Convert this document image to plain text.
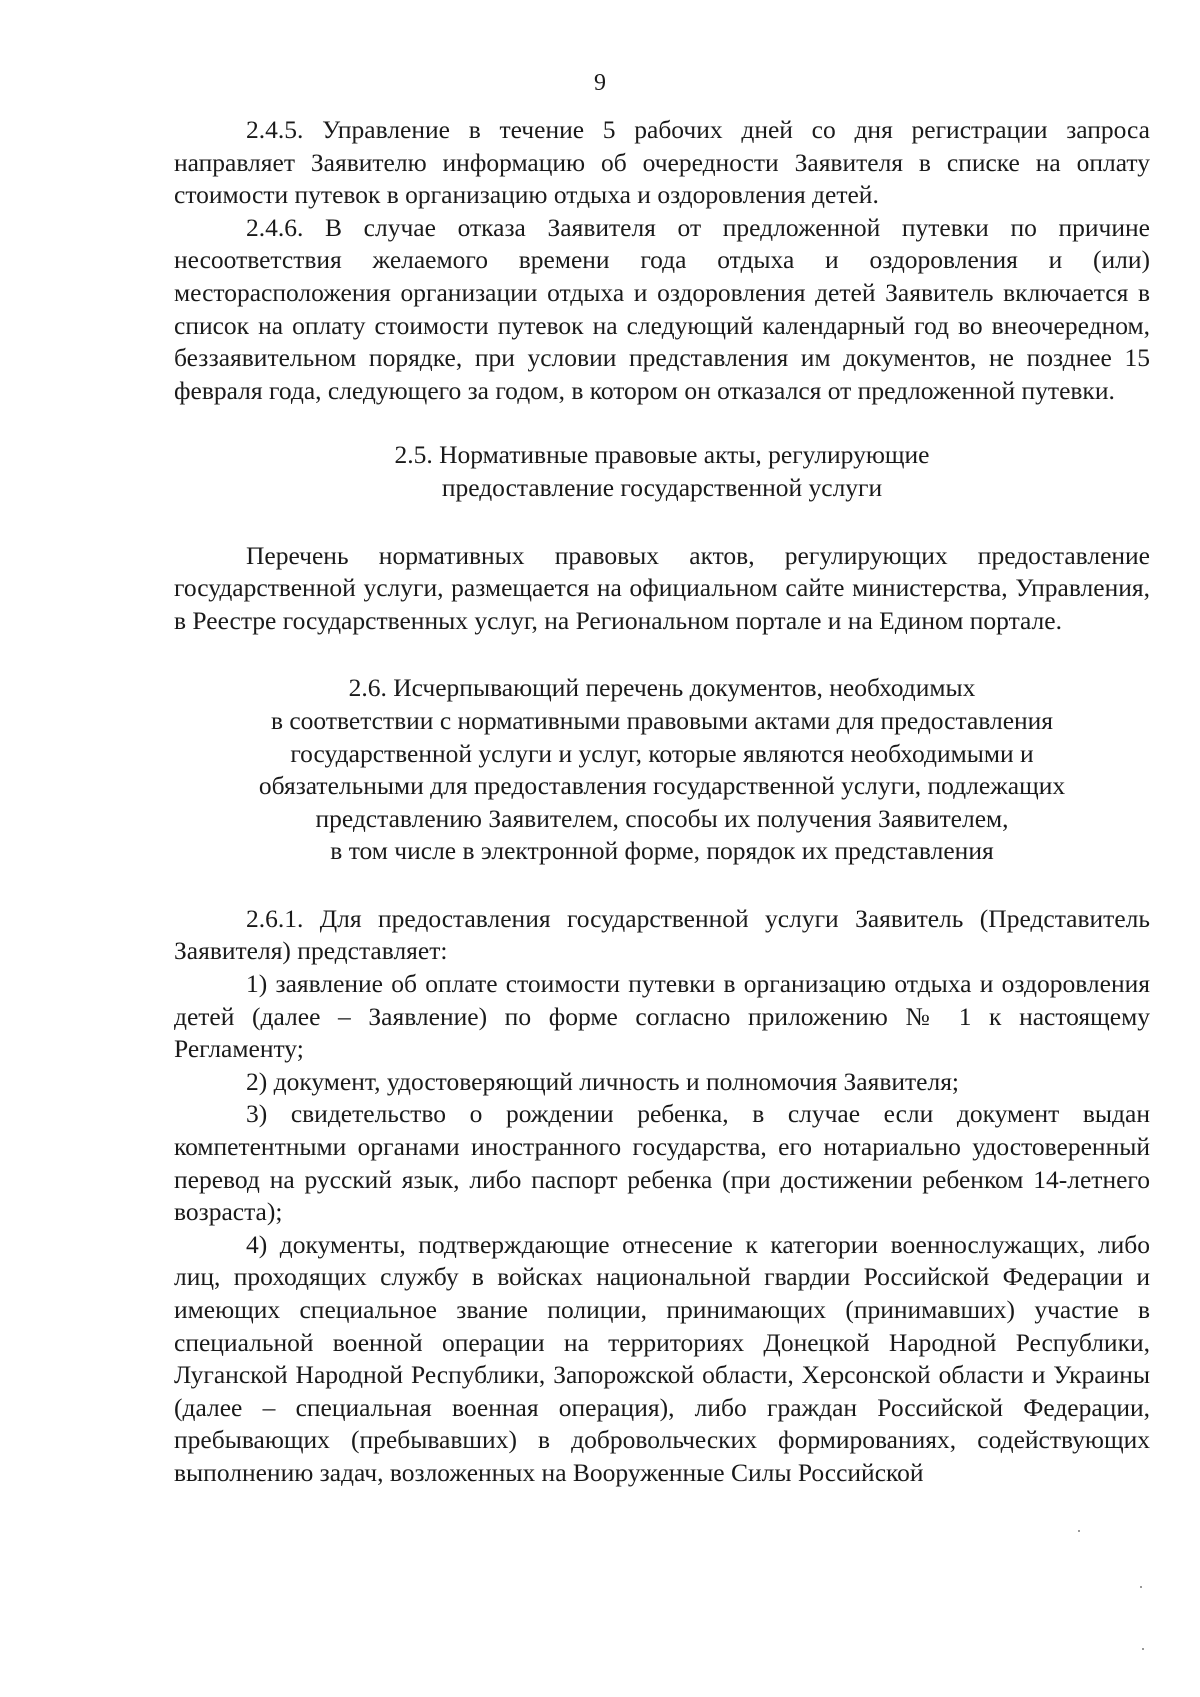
9

2.4.5. Управление в течение 5 рабочих дней со дня регистрации запроса направляет Заявителю информацию об очередности Заявителя в списке на оплату стоимости путевок в организацию отдыха и оздоровления детей.

2.4.6. В случае отказа Заявителя от предложенной путевки по причине несоответствия желаемого времени года отдыха и оздоровления и (или) месторасположения организации отдыха и оздоровления детей Заявитель включается в список на оплату стоимости путевок на следующий календарный год во внеочередном, беззаявительном порядке, при условии представления им документов, не позднее 15 февраля года, следующего за годом, в котором он отказался от предложенной путевки.

2.5. Нормативные правовые акты, регулирующие
предоставление государственной услуги

Перечень нормативных правовых актов, регулирующих предоставление государственной услуги, размещается на официальном сайте министерства, Управления, в Реестре государственных услуг, на Региональном портале и на Едином портале.

2.6. Исчерпывающий перечень документов, необходимых
в соответствии с нормативными правовыми актами для предоставления
государственной услуги и услуг, которые являются необходимыми и
обязательными для предоставления государственной услуги, подлежащих
представлению Заявителем, способы их получения Заявителем,
в том числе в электронной форме, порядок их представления

2.6.1. Для предоставления государственной услуги Заявитель (Представитель Заявителя) представляет:

1) заявление об оплате стоимости путевки в организацию отдыха и оздоровления детей (далее – Заявление) по форме согласно приложению № 1 к настоящему Регламенту;

2) документ, удостоверяющий личность и полномочия Заявителя;

3) свидетельство о рождении ребенка, в случае если документ выдан компетентными органами иностранного государства, его нотариально удостоверенный перевод на русский язык, либо паспорт ребенка (при достижении ребенком 14-летнего возраста);

4) документы, подтверждающие отнесение к категории военнослужащих, либо лиц, проходящих службу в войсках национальной гвардии Российской Федерации и имеющих специальное звание полиции, принимающих (принимавших) участие в специальной военной операции на территориях Донецкой Народной Республики, Луганской Народной Республики, Запорожской области, Херсонской области и Украины (далее – специальная военная операция), либо граждан Российской Федерации, пребывающих (пребывавших) в добровольческих формированиях, содействующих выполнению задач, возложенных на Вооруженные Силы Российской
